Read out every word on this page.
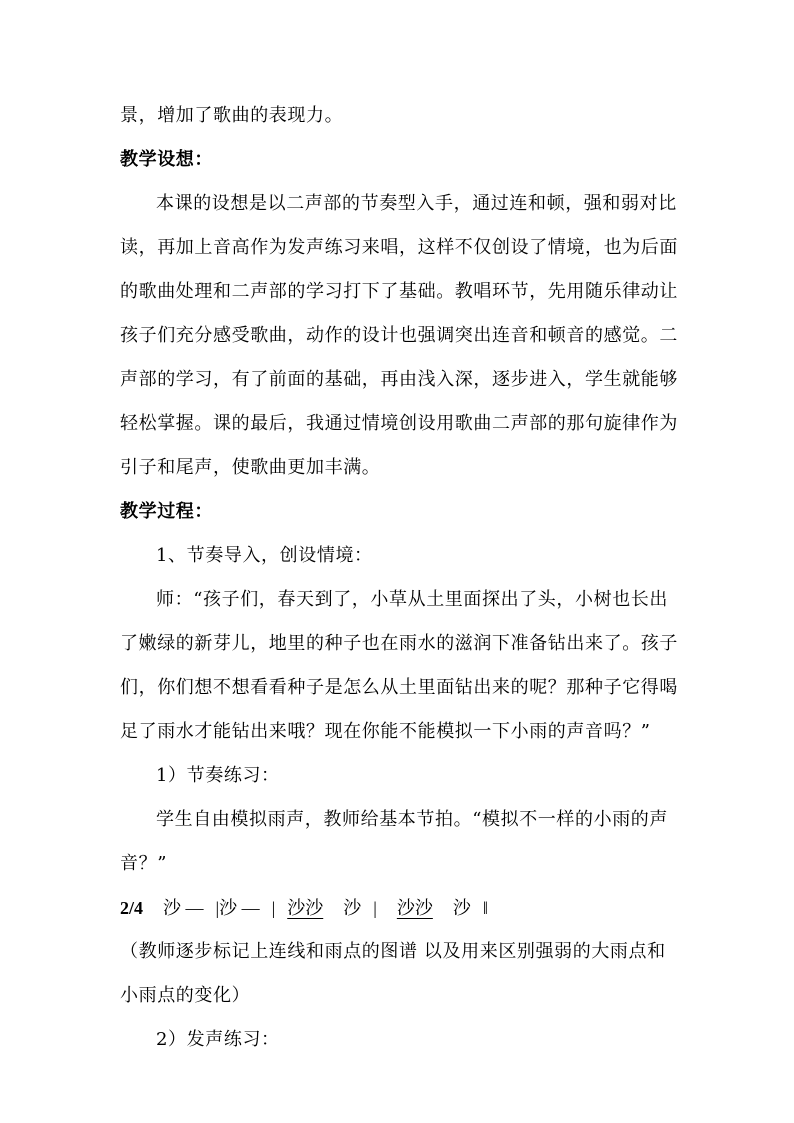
景，增加了歌曲的表现力。
教学设想：
本课的设想是以二声部的节奏型入手，通过连和顿，强和弱对比
读，再加上音高作为发声练习来唱，这样不仅创设了情境，也为后面
的歌曲处理和二声部的学习打下了基础。教唱环节，先用随乐律动让
孩子们充分感受歌曲，动作的设计也强调突出连音和顿音的感觉。二
声部的学习，有了前面的基础，再由浅入深，逐步进入，学生就能够
轻松掌握。课的最后，我通过情境创设用歌曲二声部的那句旋律作为
引子和尾声，使歌曲更加丰满。
教学过程：
1、节奏导入，创设情境：
师：“孩子们，春天到了，小草从土里面探出了头，小树也长出
了嫩绿的新芽儿，地里的种子也在雨水的滋润下准备钻出来了。孩子
们，你们想不想看看种子是怎么从土里面钻出来的呢？那种子它得喝
足了雨水才能钻出来哦？现在你能不能模拟一下小雨的声音吗？”
1）节奏练习：
学生自由模拟雨声，教师给基本节拍。“模拟不一样的小雨的声
音？”
2/4 沙 — |沙 — | 沙沙 沙 | 沙沙 沙 ‖
（教师逐步标记上连线和雨点的图谱 以及用来区别强弱的大雨点和
小雨点的变化）
2）发声练习：
